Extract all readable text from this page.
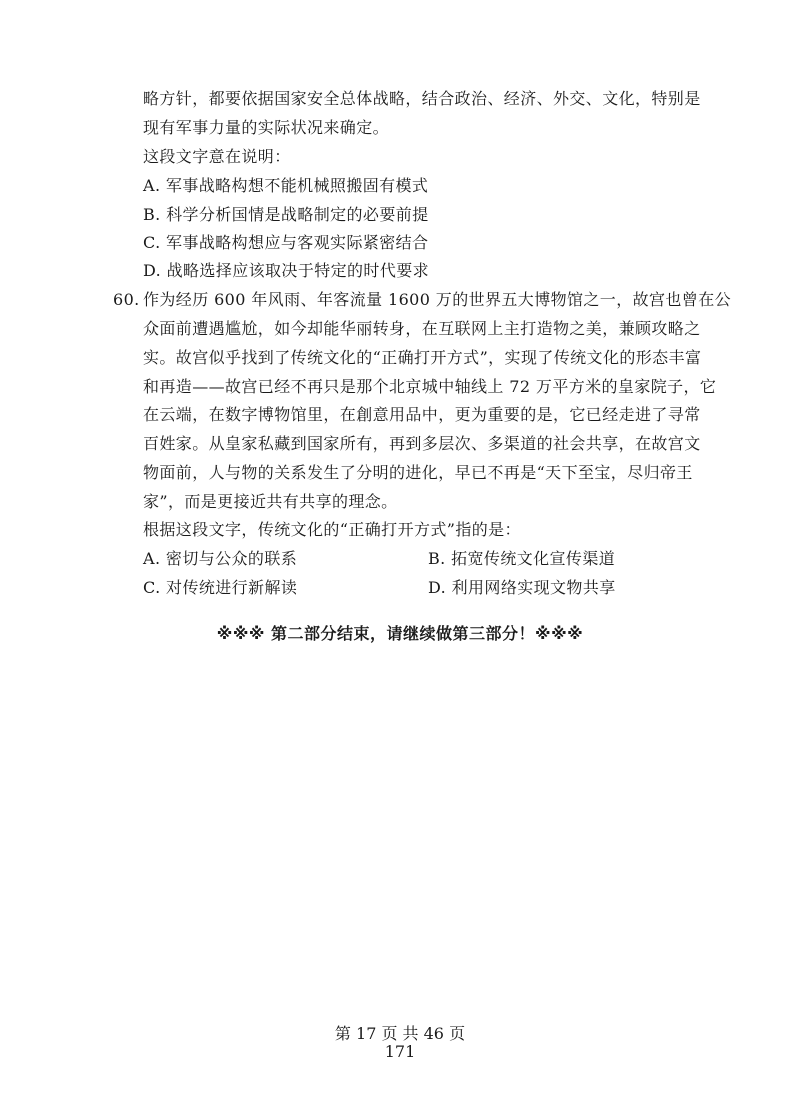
略方针，都要依据国家安全总体战略，结合政治、经济、外交、文化，特别是
现有军事力量的实际状况来确定。
这段文字意在说明：
A. 军事战略构想不能机械照搬固有模式
B. 科学分析国情是战略制定的必要前提
C. 军事战略构想应与客观实际紧密结合
D. 战略选择应该取决于特定的时代要求
60. 作为经历 600 年风雨、年客流量 1600 万的世界五大博物馆之一，故宫也曾在公
众面前遭遇尴尬，如今却能华丽转身，在互联网上主打造物之美，兼顾攻略之
实。故宫似乎找到了传统文化的“正确打开方式”，实现了传统文化的形态丰富
和再造——故宫已经不再只是那个北京城中轴线上 72 万平方米的皇家院子，它
在云端，在数字博物馆里，在創意用品中，更为重要的是，它已经走进了寻常
百姓家。从皇家私藏到国家所有，再到多层次、多渠道的社会共享，在故宫文
物面前，人与物的关系发生了分明的进化，早已不再是“天下至宝，尽归帝王
家”，而是更接近共有共享的理念。
根据这段文字，传统文化的“正确打开方式”指的是：
A. 密切与公众的联系	B. 拓宽传统文化宣传渠道
C. 对传统进行新解读	D. 利用网络实现文物共享
※※※ 第二部分结束，请继续做第三部分！※※※
第 17 页 共 46 页
171
